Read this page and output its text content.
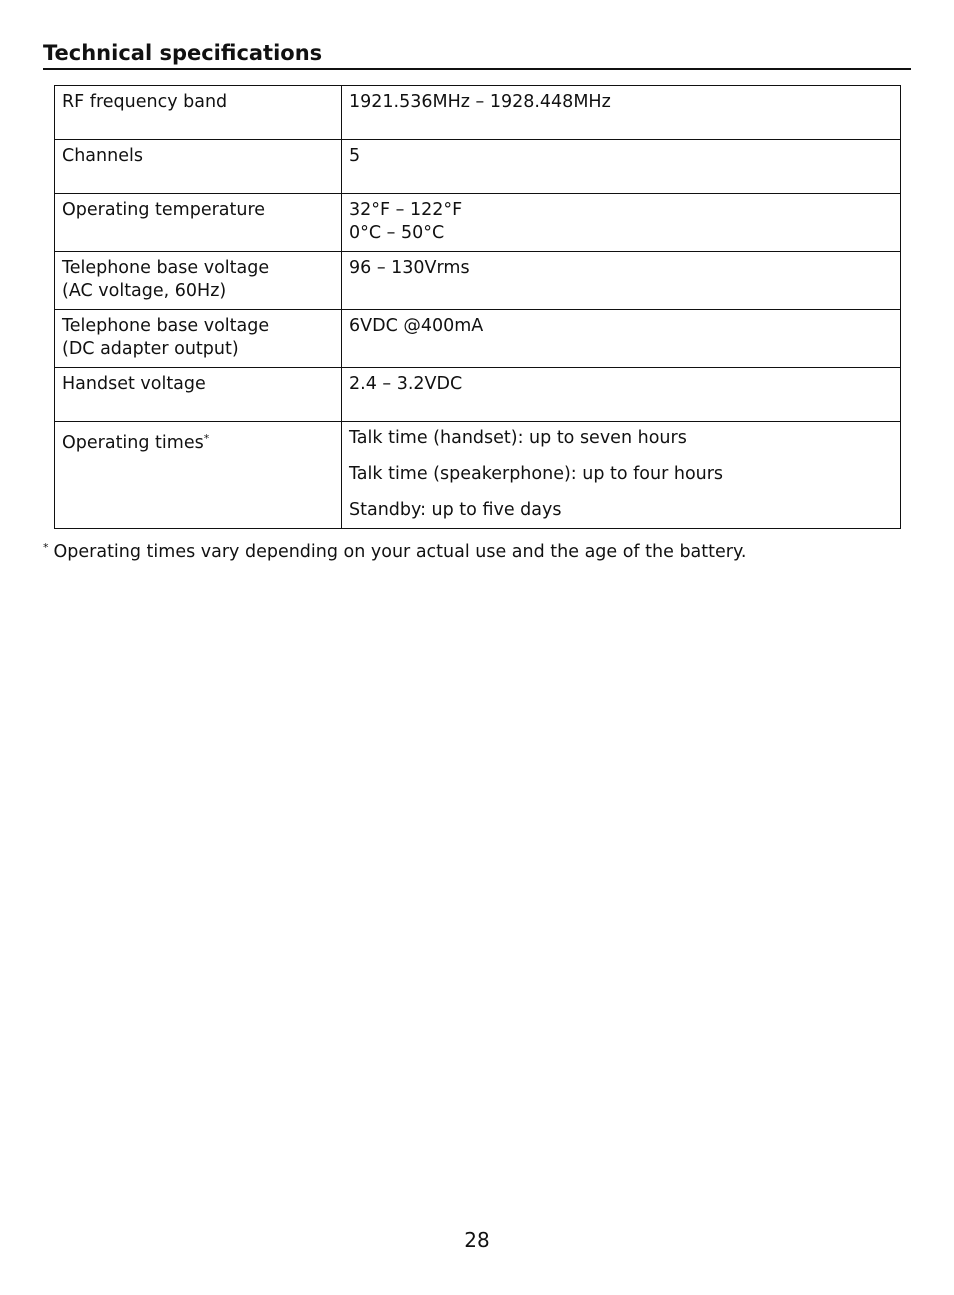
Technical specifications
RF frequency band	1921.536MHz – 1928.448MHz
Channels	5
Operating temperature	32°F – 122°F
0°C – 50°C

Telephone base voltage
(AC voltage, 60Hz)	96 – 130Vrms

Telephone base voltage
(DC adapter output)	6VDC @400mA
Handset voltage	2.4 – 3.2VDC
Operating times*	Talk time (handset): up to seven hours
Talk time (speakerphone): up to four hours
Standby: up to five days

* Operating times vary depending on your actual use and the age of the battery.

28
